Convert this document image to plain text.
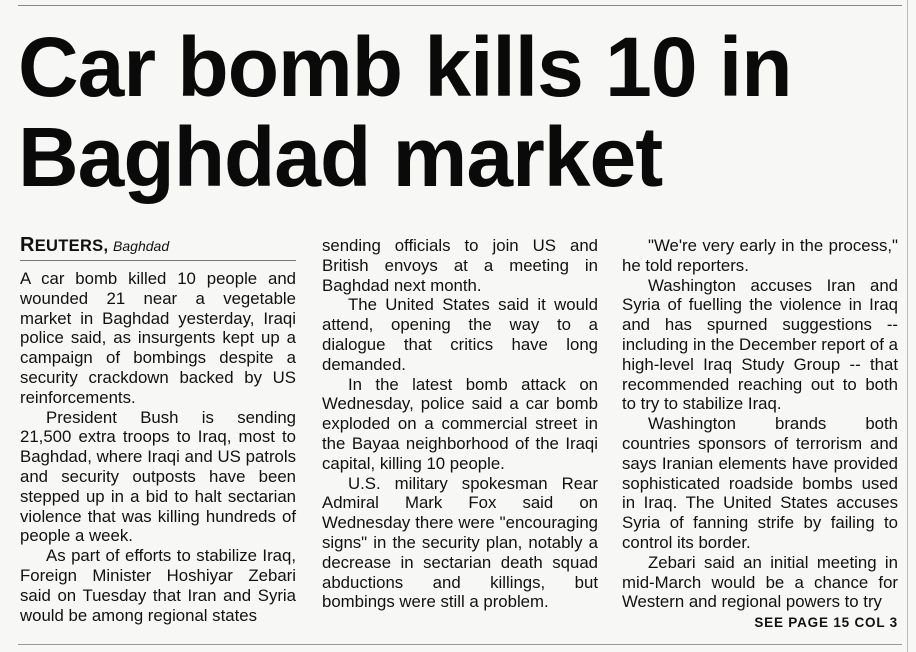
Car bomb kills 10 in Baghdad market
REUTERS, Baghdad

A car bomb killed 10 people and wounded 21 near a vegetable market in Baghdad yesterday, Iraqi police said, as insurgents kept up a campaign of bombings despite a security crackdown backed by US reinforcements.

President Bush is sending 21,500 extra troops to Iraq, most to Baghdad, where Iraqi and US patrols and security outposts have been stepped up in a bid to halt sectarian violence that was killing hundreds of people a week.

As part of efforts to stabilize Iraq, Foreign Minister Hoshiyar Zebari said on Tuesday that Iran and Syria would be among regional states

sending officials to join US and British envoys at a meeting in Baghdad next month.

The United States said it would attend, opening the way to a dialogue that critics have long demanded.

In the latest bomb attack on Wednesday, police said a car bomb exploded on a commercial street in the Bayaa neighborhood of the Iraqi capital, killing 10 people.

U.S. military spokesman Rear Admiral Mark Fox said on Wednesday there were "encouraging signs" in the security plan, notably a decrease in sectarian death squad abductions and killings, but bombings were still a problem.

"We're very early in the process," he told reporters.

Washington accuses Iran and Syria of fuelling the violence in Iraq and has spurned suggestions -- including in the December report of a high-level Iraq Study Group -- that recommended reaching out to both to try to stabilize Iraq.

Washington brands both countries sponsors of terrorism and says Iranian elements have provided sophisticated roadside bombs used in Iraq. The United States accuses Syria of fanning strife by failing to control its border.

Zebari said an initial meeting in mid-March would be a chance for Western and regional powers to try

SEE PAGE 15 COL 3
